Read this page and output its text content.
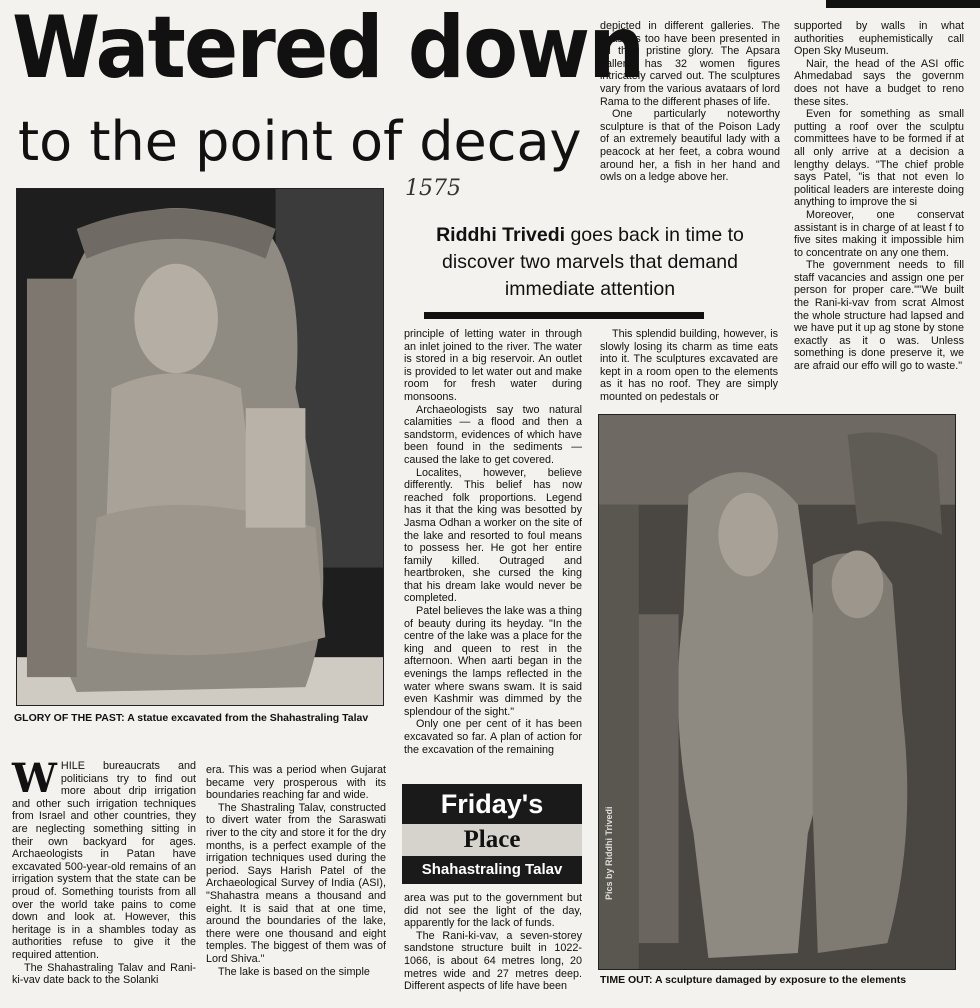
Watered down
to the point of decay
1575
GLORY OF THE PAST: A statue excavated from the Shahastraling Talav
Riddhi Trivedi goes back in time to discover two marvels that demand immediate attention

WHILE bureaucrats and politicians try to find out more about drip irrigation and other such irrigation techniques from Israel and other countries, they are neglecting something sitting in their own backyard for ages. Archaeologists in Patan have excavated 500-year-old remains of an irrigation system that the state can be proud of. Something tourists from all over the world take pains to come down and look at. However, this heritage is in a shambles today as authorities refuse to give it the required attention.

The Shahastraling Talav and Rani-ki-vav date back to the Solanki

era. This was a period when Gujarat became very prosperous with its boundaries reaching far and wide.

The Shastraling Talav, constructed to divert water from the Saraswati river to the city and store it for the dry months, is a perfect example of the irrigation techniques used during the period. Says Harish Patel of the Archaeological Survey of India (ASI), "Shahastra means a thousand and eight. It is said that at one time, around the boundaries of the lake, there were one thousand and eight temples. The biggest of them was of Lord Shiva."

The lake is based on the simple

principle of letting water in through an inlet joined to the river. The water is stored in a big reservoir. An outlet is provided to let water out and make room for fresh water during monsoons.

Archaeologists say two natural calamities — a flood and then a sandstorm, evidences of which have been found in the sediments — caused the lake to get covered.

Localites, however, believe differently. This belief has now reached folk proportions. Legend has it that the king was besotted by Jasma Odhan a worker on the site of the lake and resorted to foul means to possess her. He got her entire family killed. Outraged and heartbroken, she cursed the king that his dream lake would never be completed.

Patel believes the lake was a thing of beauty during its heyday. "In the centre of the lake was a place for the king and queen to rest in the afternoon. When aarti began in the evenings the lamps reflected in the water where swans swam. It is said even Kashmir was dimmed by the splendour of the sight."

Only one per cent of it has been excavated so far. A plan of action for the excavation of the remaining

Friday's
Place
Shahastraling Talav

area was put to the government but did not see the light of the day, apparently for the lack of funds.

The Rani-ki-vav, a seven-storey sandstone structure built in 1022-1066, is about 64 metres long, 20 metres wide and 27 metres deep. Different aspects of life have been

This splendid building, however, is slowly losing its charm as time eats into it. The sculptures excavated are kept in a room open to the elements as it has no roof. They are simply mounted on pedestals or

depicted in different galleries. The shastras too have been presented in all their pristine glory. The Apsara gallery has 32 women figures intricately carved out. The sculptures vary from the various avataars of lord Rama to the different phases of life.

One particularly noteworthy sculpture is that of the Poison Lady of an extremely beautiful lady with a peacock at her feet, a cobra wound around her, a fish in her hand and owls on a ledge above her.

supported by walls in what authorities euphemistically call Open Sky Museum.

Nair, the head of the ASI offic Ahmedabad says the governm does not have a budget to reno these sites.

Even for something as small putting a roof over the sculptu committees have to be formed if at all only arrive at a decision a lengthy delays. "The chief proble says Patel, "is that not even lo political leaders are intereste doing anything to improve the si

Moreover, one conservat assistant is in charge of at least f to five sites making it impossible him to concentrate on any one them.

The government needs to fill staff vacancies and assign one per person for proper care.""We built the Rani-ki-vav from scrat Almost the whole structure had lapsed and we have put it up ag stone by stone exactly as it o was. Unless something is done preserve it, we are afraid our effo will go to waste."

Pics by Riddhi Trivedi
TIME OUT: A sculpture damaged by exposure to the elements
